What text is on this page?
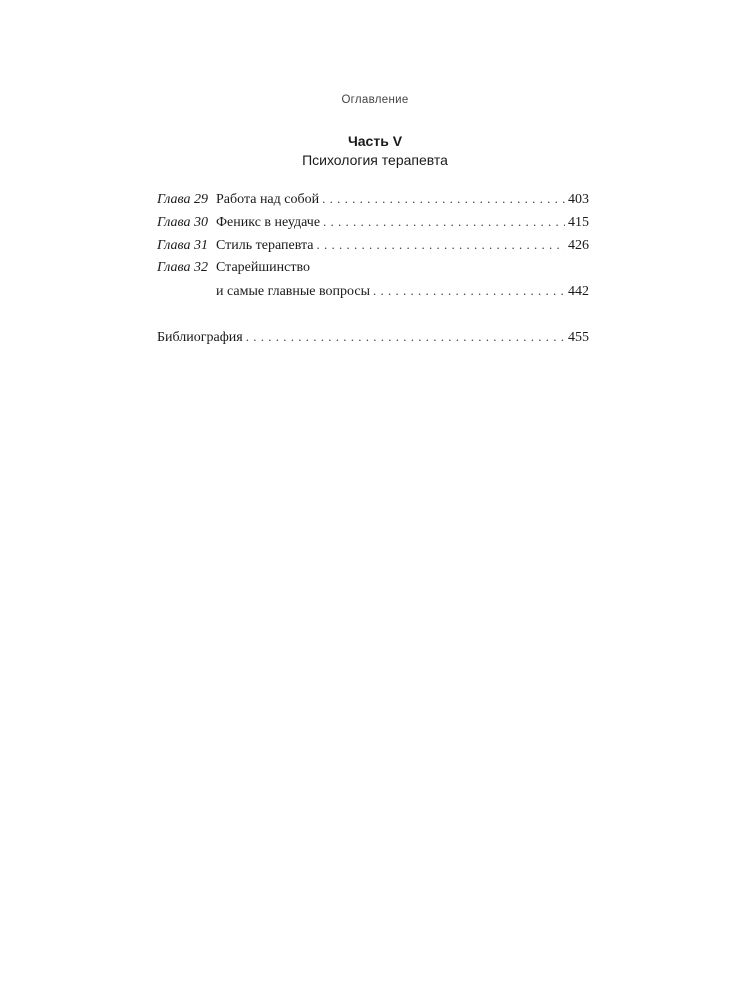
Оглавление
Часть V
Психология терапевта
Глава 29 Работа над собой . . .	403
Глава 30 Феникс в неудаче . . .	415
Глава 31 Стиль терапевта . . .	426
Глава 32 Старейшинство
и самые главные вопросы . . .	442
Библиография . . .	455
